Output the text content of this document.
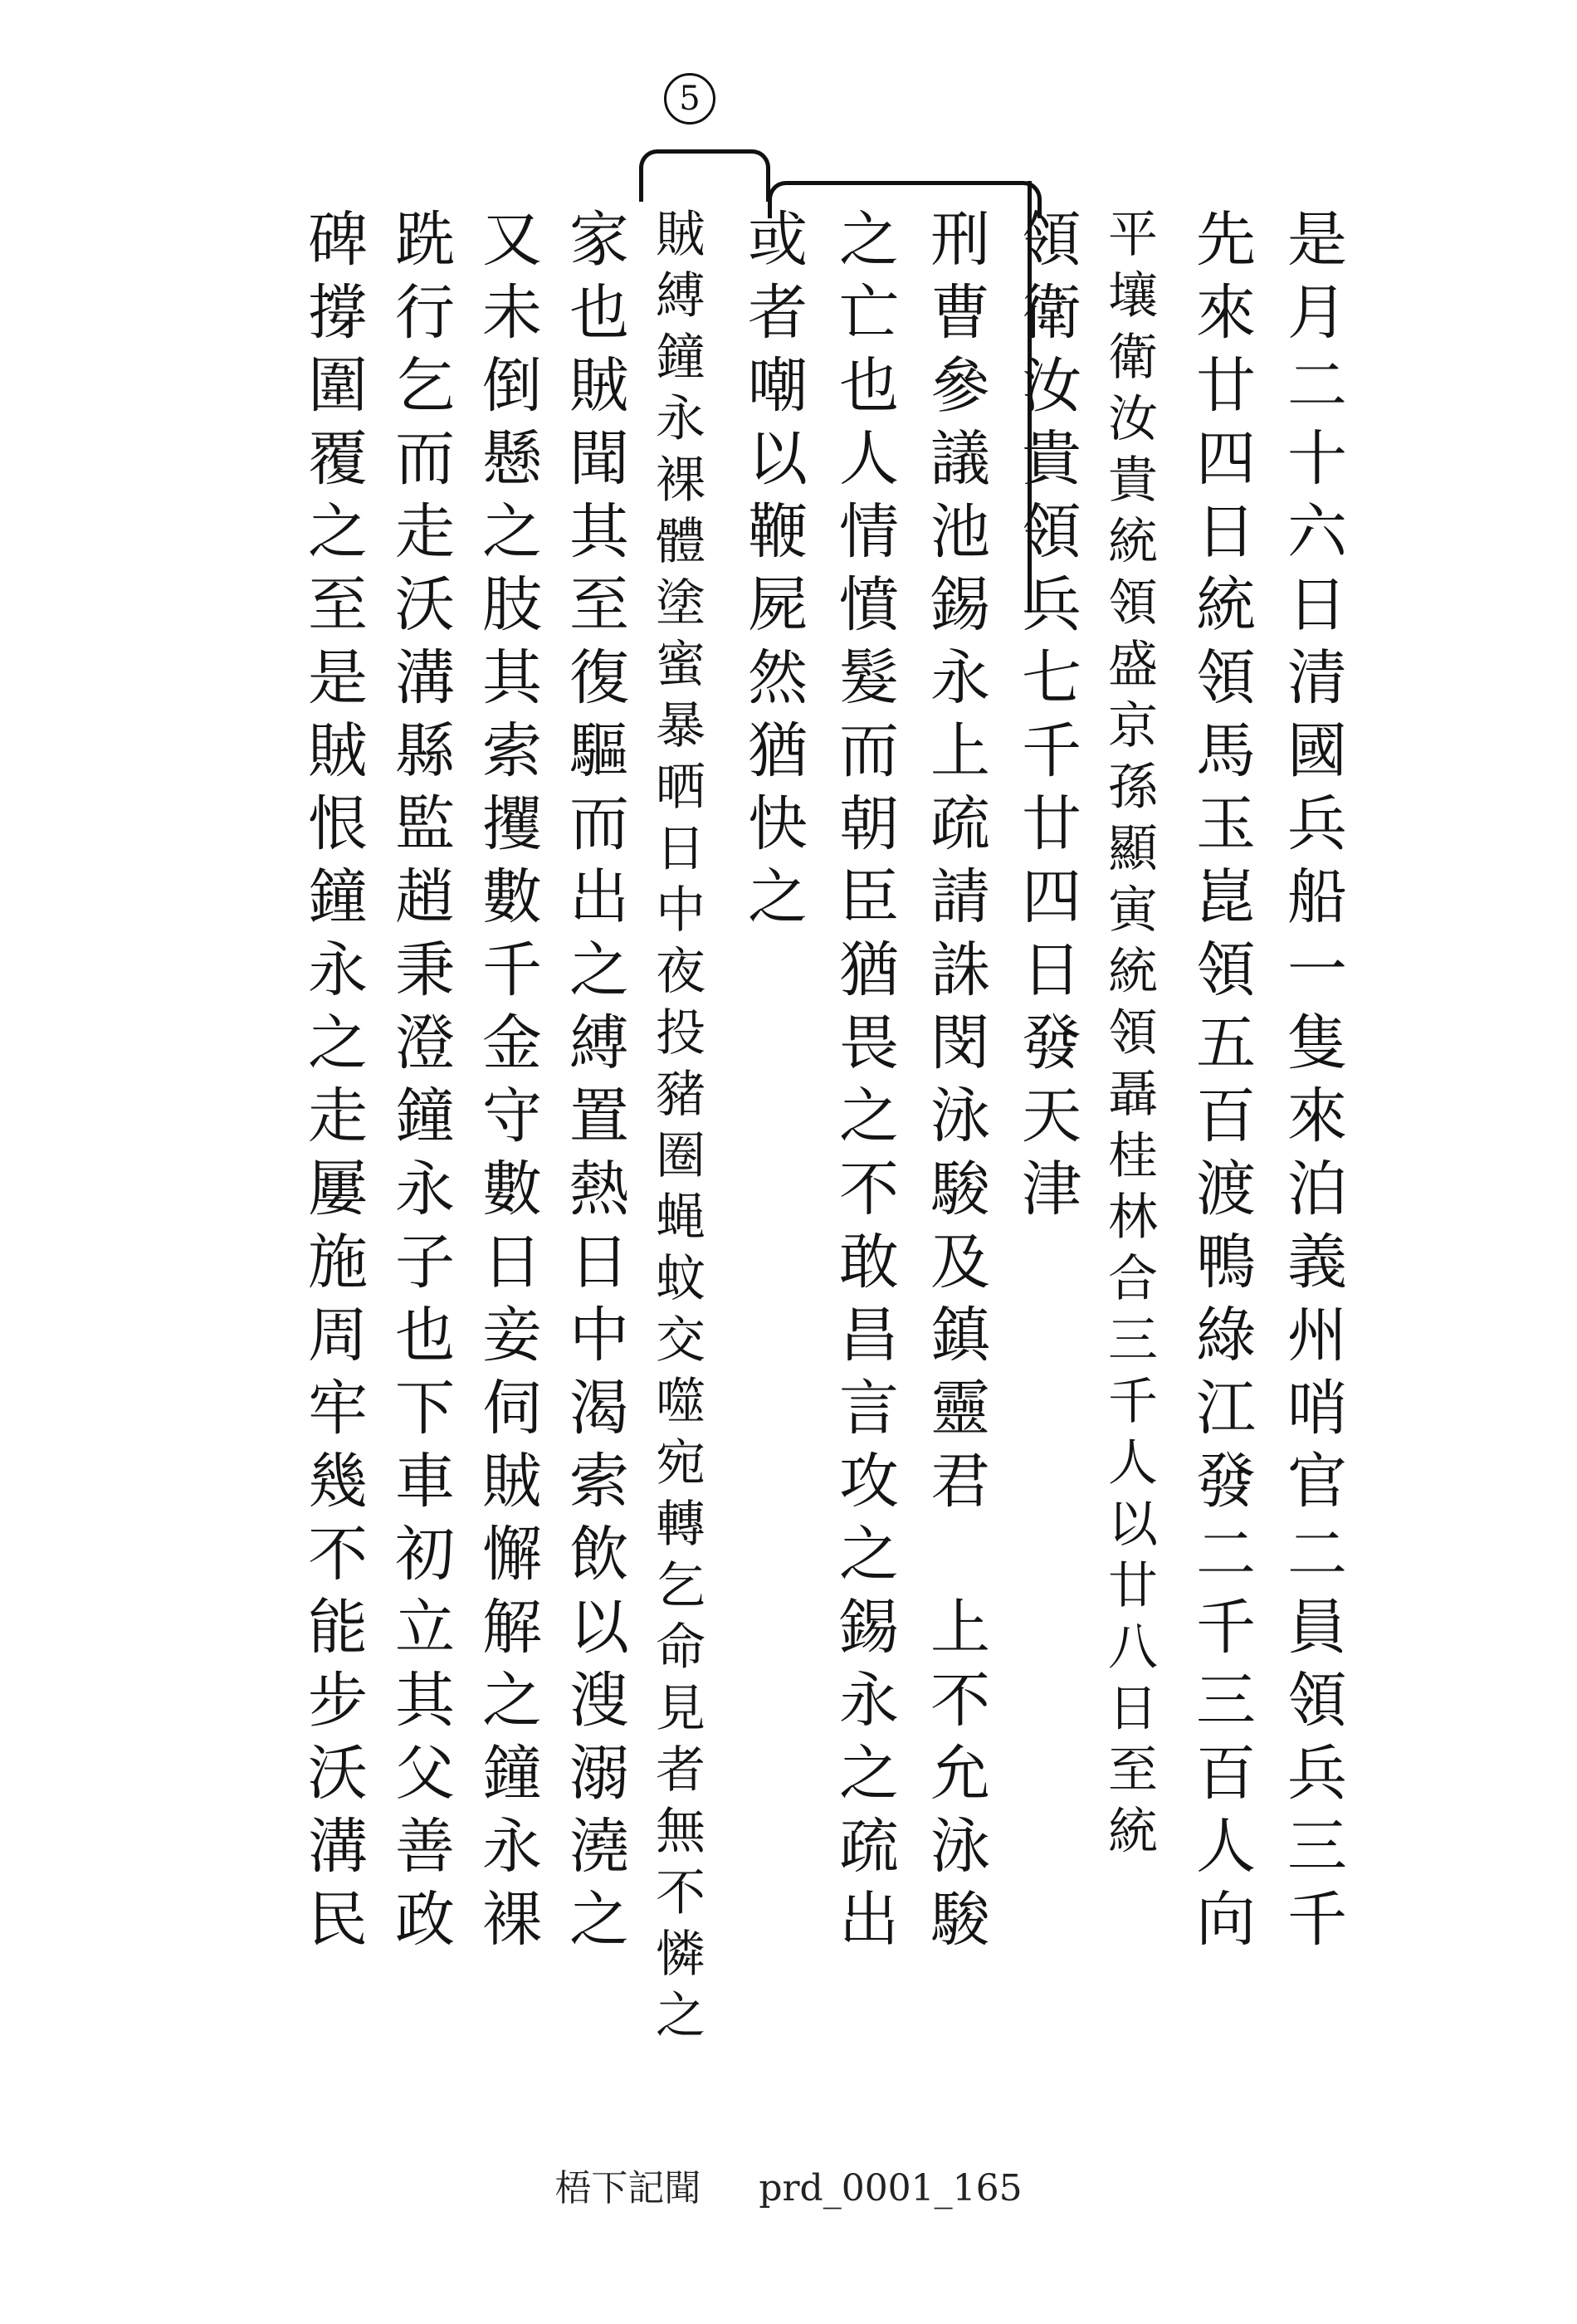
5
是月二十六日清國兵船一隻來泊義州哨官二員領兵三千
先來廿四日統領馬玉崑領五百渡鴨綠江發二千三百人向
平壤衛汝貴統領盛京孫顯寅統領聶桂林合三千人以廿八日至統
領衛汝貴領兵七千廿四日發天津
刑曹參議池錫永上疏請誅閔泳駿及鎮靈君　上不允泳駿
之亡也人情憤髮而朝臣猶畏之不敢昌言攻之錫永之疏出
或者嘲以鞭屍然猶快之
賊縛鐘永裸體塗蜜暴晒日中夜投豬圈蝇蚊交噬宛轉乞命見者無不憐之
家也賊聞其至復驅而出之縛置熱日中渴索飲以溲溺澆之
又未倒懸之肢其索攫數千金守數日妾伺賊懈解之鐘永裸
跣行乞而走沃溝縣監趙秉澄鐘永子也下車初立其父善政
碑撐圍覆之至是賊恨鐘永之走屢施周牢幾不能步沃溝民
梧下記聞 prd_0001_165
